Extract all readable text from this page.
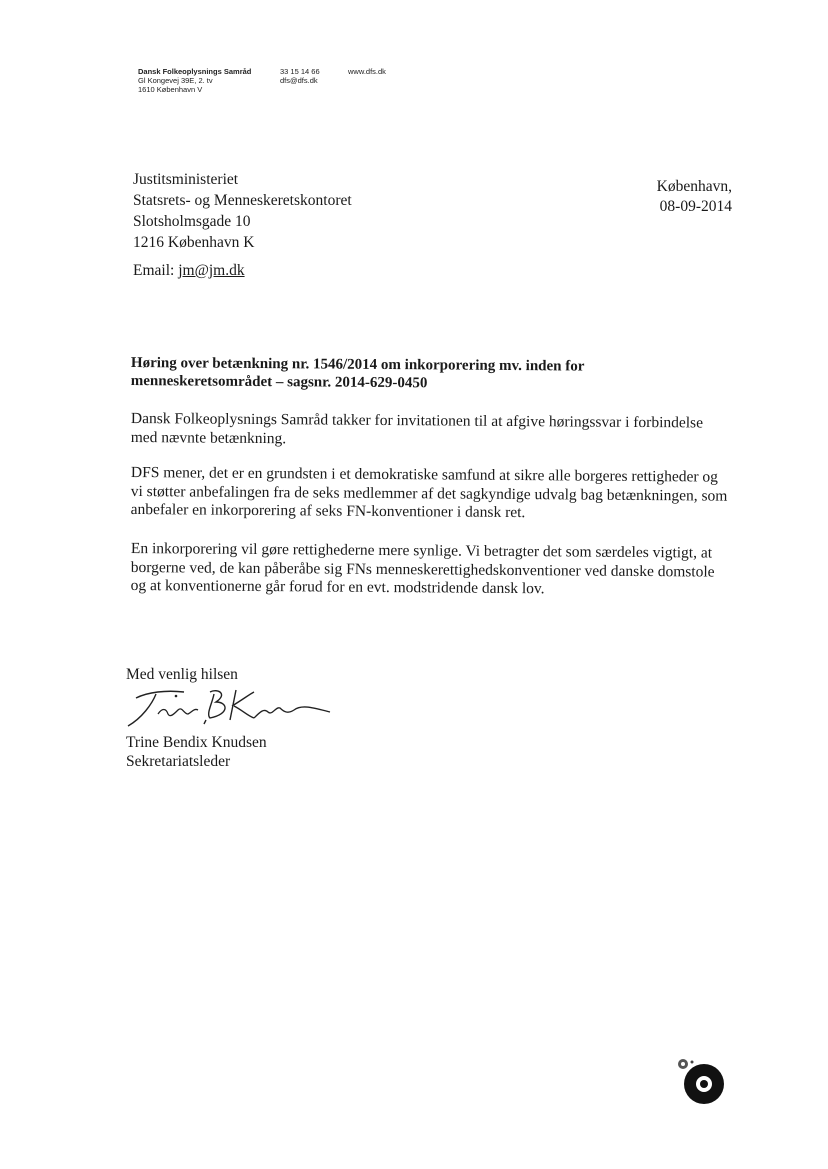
Dansk Folkeoplysnings Samråd
Gl Kongevej 39E, 2. tv
1610 København V
33 15 14 66
dfs@dfs.dk
www.dfs.dk
Justitsministeriet
Statsrets- og Menneskeretskontoret
Slotsholmsgade 10
1216 København K
Email: jm@jm.dk
København,
08-09-2014
Høring over betænkning nr. 1546/2014 om inkorporering mv. inden for menneskeretsområdet – sagsnr. 2014-629-0450
Dansk Folkeoplysnings Samråd takker for invitationen til at afgive høringssvar i forbindelse med nævnte betænkning.
DFS mener, det er en grundsten i et demokratiske samfund at sikre alle borgeres rettigheder og vi støtter anbefalingen fra de seks medlemmer af det sagkyndige udvalg bag betænkningen, som anbefaler en inkorporering af seks FN-konventioner i dansk ret.
En inkorporering vil gøre rettighederne mere synlige. Vi betragter det som særdeles vigtigt, at borgerne ved, de kan påberåbe sig FNs menneskerettighedskonventioner ved danske domstole og at konventionerne går forud for en evt. modstridende dansk lov.
Med venlig hilsen
Trine Bendix Knudsen
Sekretariatsleder
